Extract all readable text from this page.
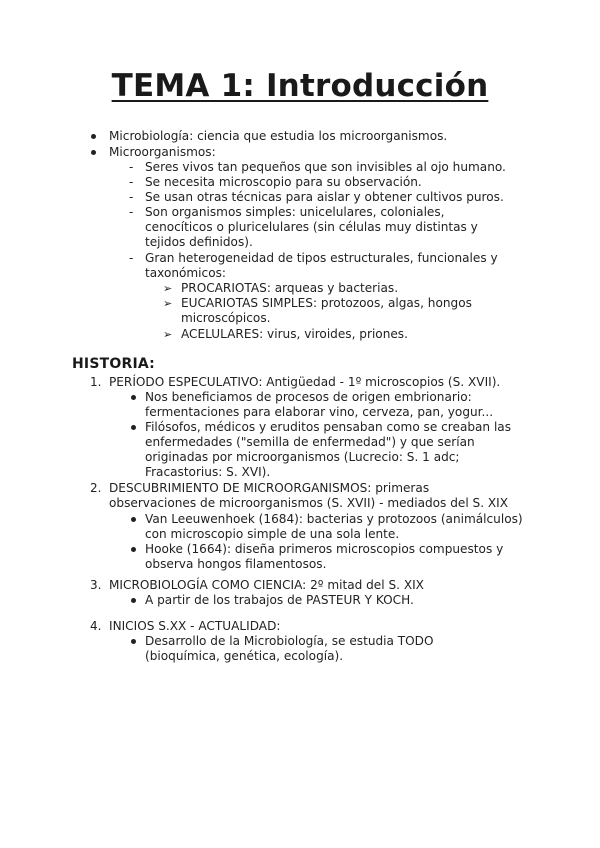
TEMA 1: Introducción
Microbiología: ciencia que estudia los microorganismos.
Microorganismos:
- Seres vivos tan pequeños que son invisibles al ojo humano.
- Se necesita microscopio para su observación.
- Se usan otras técnicas para aislar y obtener cultivos puros.
- Son organismos simples: unicelulares, coloniales,
cenocíticos o pluricelulares (sin células muy distintas y
tejidos definidos).
- Gran heterogeneidad de tipos estructurales, funcionales y
taxonómicos:
➢ PROCARIOTAS: arqueas y bacterias.
➢ EUCARIOTAS SIMPLES: protozoos, algas, hongos
microscópicos.
➢ ACELULARES: virus, viroides, priones.
HISTORIA:
1. PERÍODO ESPECULATIVO: Antigüedad - 1º microscopios (S. XVII).
Nos beneficiamos de procesos de origen embrionario:
fermentaciones para elaborar vino, cerveza, pan, yogur...
Filósofos, médicos y eruditos pensaban como se creaban las
enfermedades ("semilla de enfermedad") y que serían
originadas por microorganismos (Lucrecio: S. 1 adc;
Fracastorius: S. XVI).
2. DESCUBRIMIENTO DE MICROORGANISMOS: primeras
observaciones de microorganismos (S. XVII) - mediados del S. XIX
Van Leeuwenhoek (1684): bacterias y protozoos (animálculos)
con microscopio simple de una sola lente.
Hooke (1664): diseña primeros microscopios compuestos y
observa hongos filamentosos.
3. MICROBIOLOGÍA COMO CIENCIA: 2º mitad del S. XIX
A partir de los trabajos de PASTEUR Y KOCH.
4. INICIOS S.XX - ACTUALIDAD:
Desarrollo de la Microbiología, se estudia TODO
(bioquímica, genética, ecología).
